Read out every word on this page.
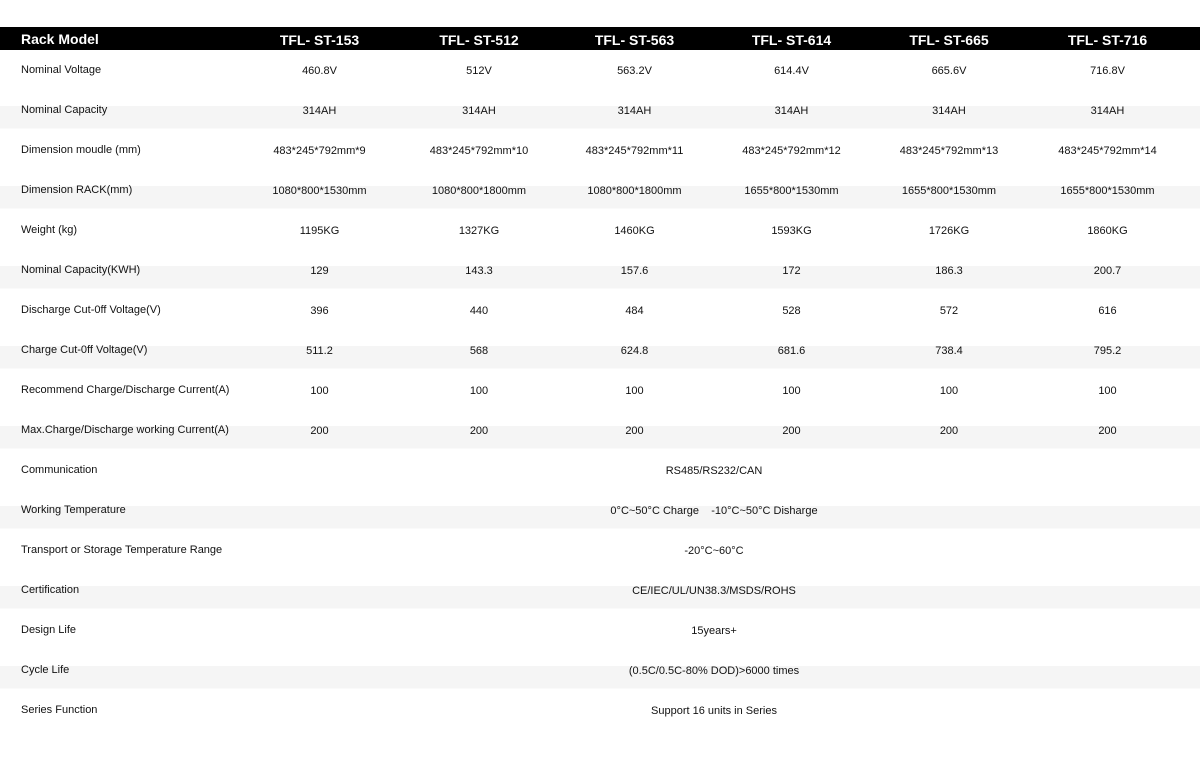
Rack Model	TFL- ST-153	TFL- ST-512	TFL- ST-563	TFL- ST-614	TFL- ST-665	TFL- ST-716
Nominal Voltage	460.8V	512V	563.2V	614.4V	665.6V	716.8V
Nominal Capacity	314AH	314AH	314AH	314AH	314AH	314AH
Dimension moudle (mm)	483*245*792mm*9	483*245*792mm*10	483*245*792mm*11	483*245*792mm*12	483*245*792mm*13	483*245*792mm*14
Dimension RACK(mm)	1080*800*1530mm	1080*800*1800mm	1080*800*1800mm	1655*800*1530mm	1655*800*1530mm	1655*800*1530mm
Weight (kg)	1195KG	1327KG	1460KG	1593KG	1726KG	1860KG
Nominal Capacity(KWH)	129	143.3	157.6	172	186.3	200.7
Discharge Cut-0ff Voltage(V)	396	440	484	528	572	616
Charge Cut-0ff Voltage(V)	511.2	568	624.8	681.6	738.4	795.2
Recommend Charge/Discharge Current(A)	100	100	100	100	100	100
Max.Charge/Discharge working Current(A)	200	200	200	200	200	200
Communication	RS485/RS232/CAN
Working Temperature	0°C~50°C Charge    -10°C~50°C Disharge
Transport or Storage Temperature Range	-20°C~60°C
Certification	CE/IEC/UL/UN38.3/MSDS/ROHS
Design Life	15years+
Cycle Life	(0.5C/0.5C-80% DOD)>6000 times
Series Function	Support 16 units in Series
